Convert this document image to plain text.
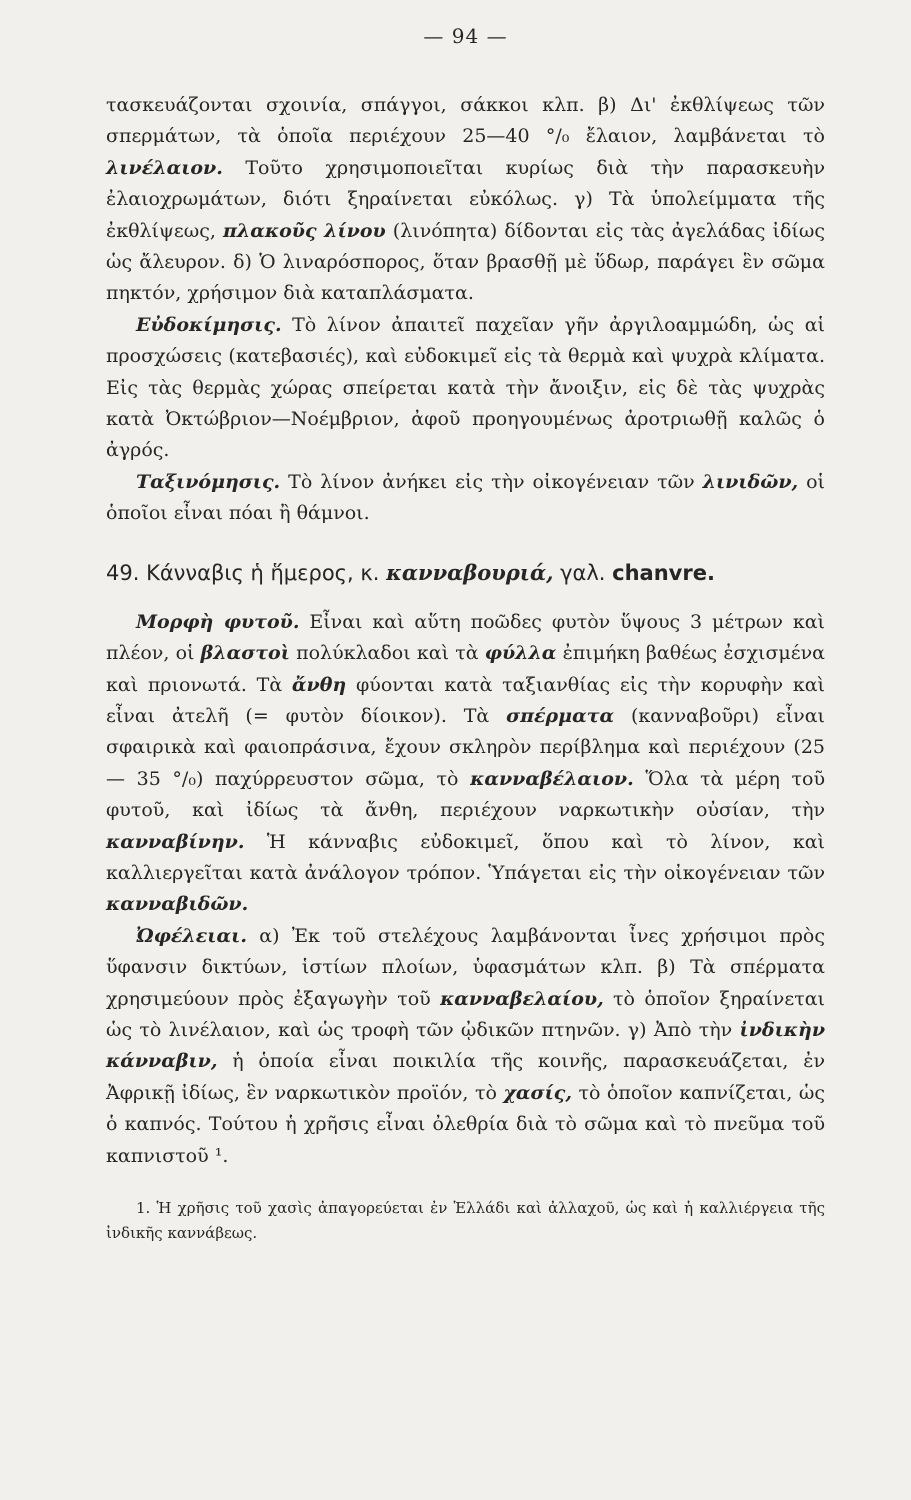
— 94 —

τασκευάζονται σχοινία, σπάγγοι, σάκκοι κλπ. β) Δι' ἐκθλίψεως τῶν σπερμάτων, τὰ ὁποῖα περιέχουν 25—40 °/₀ ἔλαιον, λαμβάνεται τὸ λινέλαιον. Τοῦτο χρησιμοποιεῖται κυρίως διὰ τὴν παρασκευὴν ἐλαιοχρωμάτων, διότι ξηραίνεται εὐκόλως. γ) Τὰ ὑπολείμματα τῆς ἐκθλίψεως, πλακοῦς λίνου (λινόπητα) δίδονται εἰς τὰς ἀγελάδας ἰδίως ὡς ἄλευρον. δ) Ὁ λιναρόσπορος, ὅταν βρασθῇ μὲ ὕδωρ, παράγει ἓν σῶμα πηκτόν, χρήσιμον διὰ καταπλάσματα.

Εὐδοκίμησις. Τὸ λίνον ἀπαιτεῖ παχεῖαν γῆν ἀργιλοαμμώδη, ὡς αἱ προσχώσεις (κατεβασιές), καὶ εὐδοκιμεῖ εἰς τὰ θερμὰ καὶ ψυχρὰ κλίματα. Εἰς τὰς θερμὰς χώρας σπείρεται κατὰ τὴν ἄνοιξιν, εἰς δὲ τὰς ψυχρὰς κατὰ Ὀκτώβριον—Νοέμβριον, ἀφοῦ προηγουμένως ἀροτριωθῇ καλῶς ὁ ἀγρός.

Ταξινόμησις. Τὸ λίνον ἀνήκει εἰς τὴν οἰκογένειαν τῶν λινιδῶν, οἱ ὁποῖοι εἶναι πόαι ἢ θάμνοι.

49. Κάνναβις ἡ ἥμερος, κ. κανναβουριά, γαλ. chanvre.

Μορφὴ φυτοῦ. Εἶναι καὶ αὕτη ποῶδες φυτὸν ὕψους 3 μέτρων καὶ πλέον, οἱ βλαστοὶ πολύκλαδοι καὶ τὰ φύλλα ἐπιμήκη βαθέως ἐσχισμένα καὶ πριονωτά. Τὰ ἄνθη φύονται κατὰ ταξιανθίας εἰς τὴν κορυφὴν καὶ εἶναι ἀτελῆ (= φυτὸν δίοικον). Τὰ σπέρματα (κανναβοῦρι) εἶναι σφαιρικὰ καὶ φαιοπράσινα, ἔχουν σκληρὸν περίβλημα καὶ περιέχουν (25 — 35 °/₀) παχύρρευστον σῶμα, τὸ κανναβέλαιον. Ὅλα τὰ μέρη τοῦ φυτοῦ, καὶ ἰδίως τὰ ἄνθη, περιέχουν ναρκωτικὴν οὐσίαν, τὴν κανναβίνην. Ἡ κάνναβις εὐδοκιμεῖ, ὅπου καὶ τὸ λίνον, καὶ καλλιεργεῖται κατὰ ἀνάλογον τρόπον. Ὑπάγεται εἰς τὴν οἰκογένειαν τῶν κανναβιδῶν.

Ὠφέλειαι. α) Ἐκ τοῦ στελέχους λαμβάνονται ἶνες χρήσιμοι πρὸς ὕφανσιν δικτύων, ἱστίων πλοίων, ὑφασμάτων κλπ. β) Τὰ σπέρματα χρησιμεύουν πρὸς ἐξαγωγὴν τοῦ κανναβελαίου, τὸ ὁποῖον ξηραίνεται ὡς τὸ λινέλαιον, καὶ ὡς τροφὴ τῶν ᾠδικῶν πτηνῶν. γ) Ἀπὸ τὴν ἰνδικὴν κάνναβιν, ἡ ὁποία εἶναι ποικιλία τῆς κοινῆς, παρασκευάζεται, ἐν Ἀφρικῇ ἰδίως, ἓν ναρκωτικὸν προϊόν, τὸ χασίς, τὸ ὁποῖον καπνίζεται, ὡς ὁ καπνός. Τούτου ἡ χρῆσις εἶναι ὀλεθρία διὰ τὸ σῶμα καὶ τὸ πνεῦμα τοῦ καπνιστοῦ ¹.

1. Ἡ χρῆσις τοῦ χασὶς ἀπαγορεύεται ἐν Ἑλλάδι καὶ ἀλλαχοῦ, ὡς καὶ ἡ καλλιέργεια τῆς ἰνδικῆς καννάβεως.
